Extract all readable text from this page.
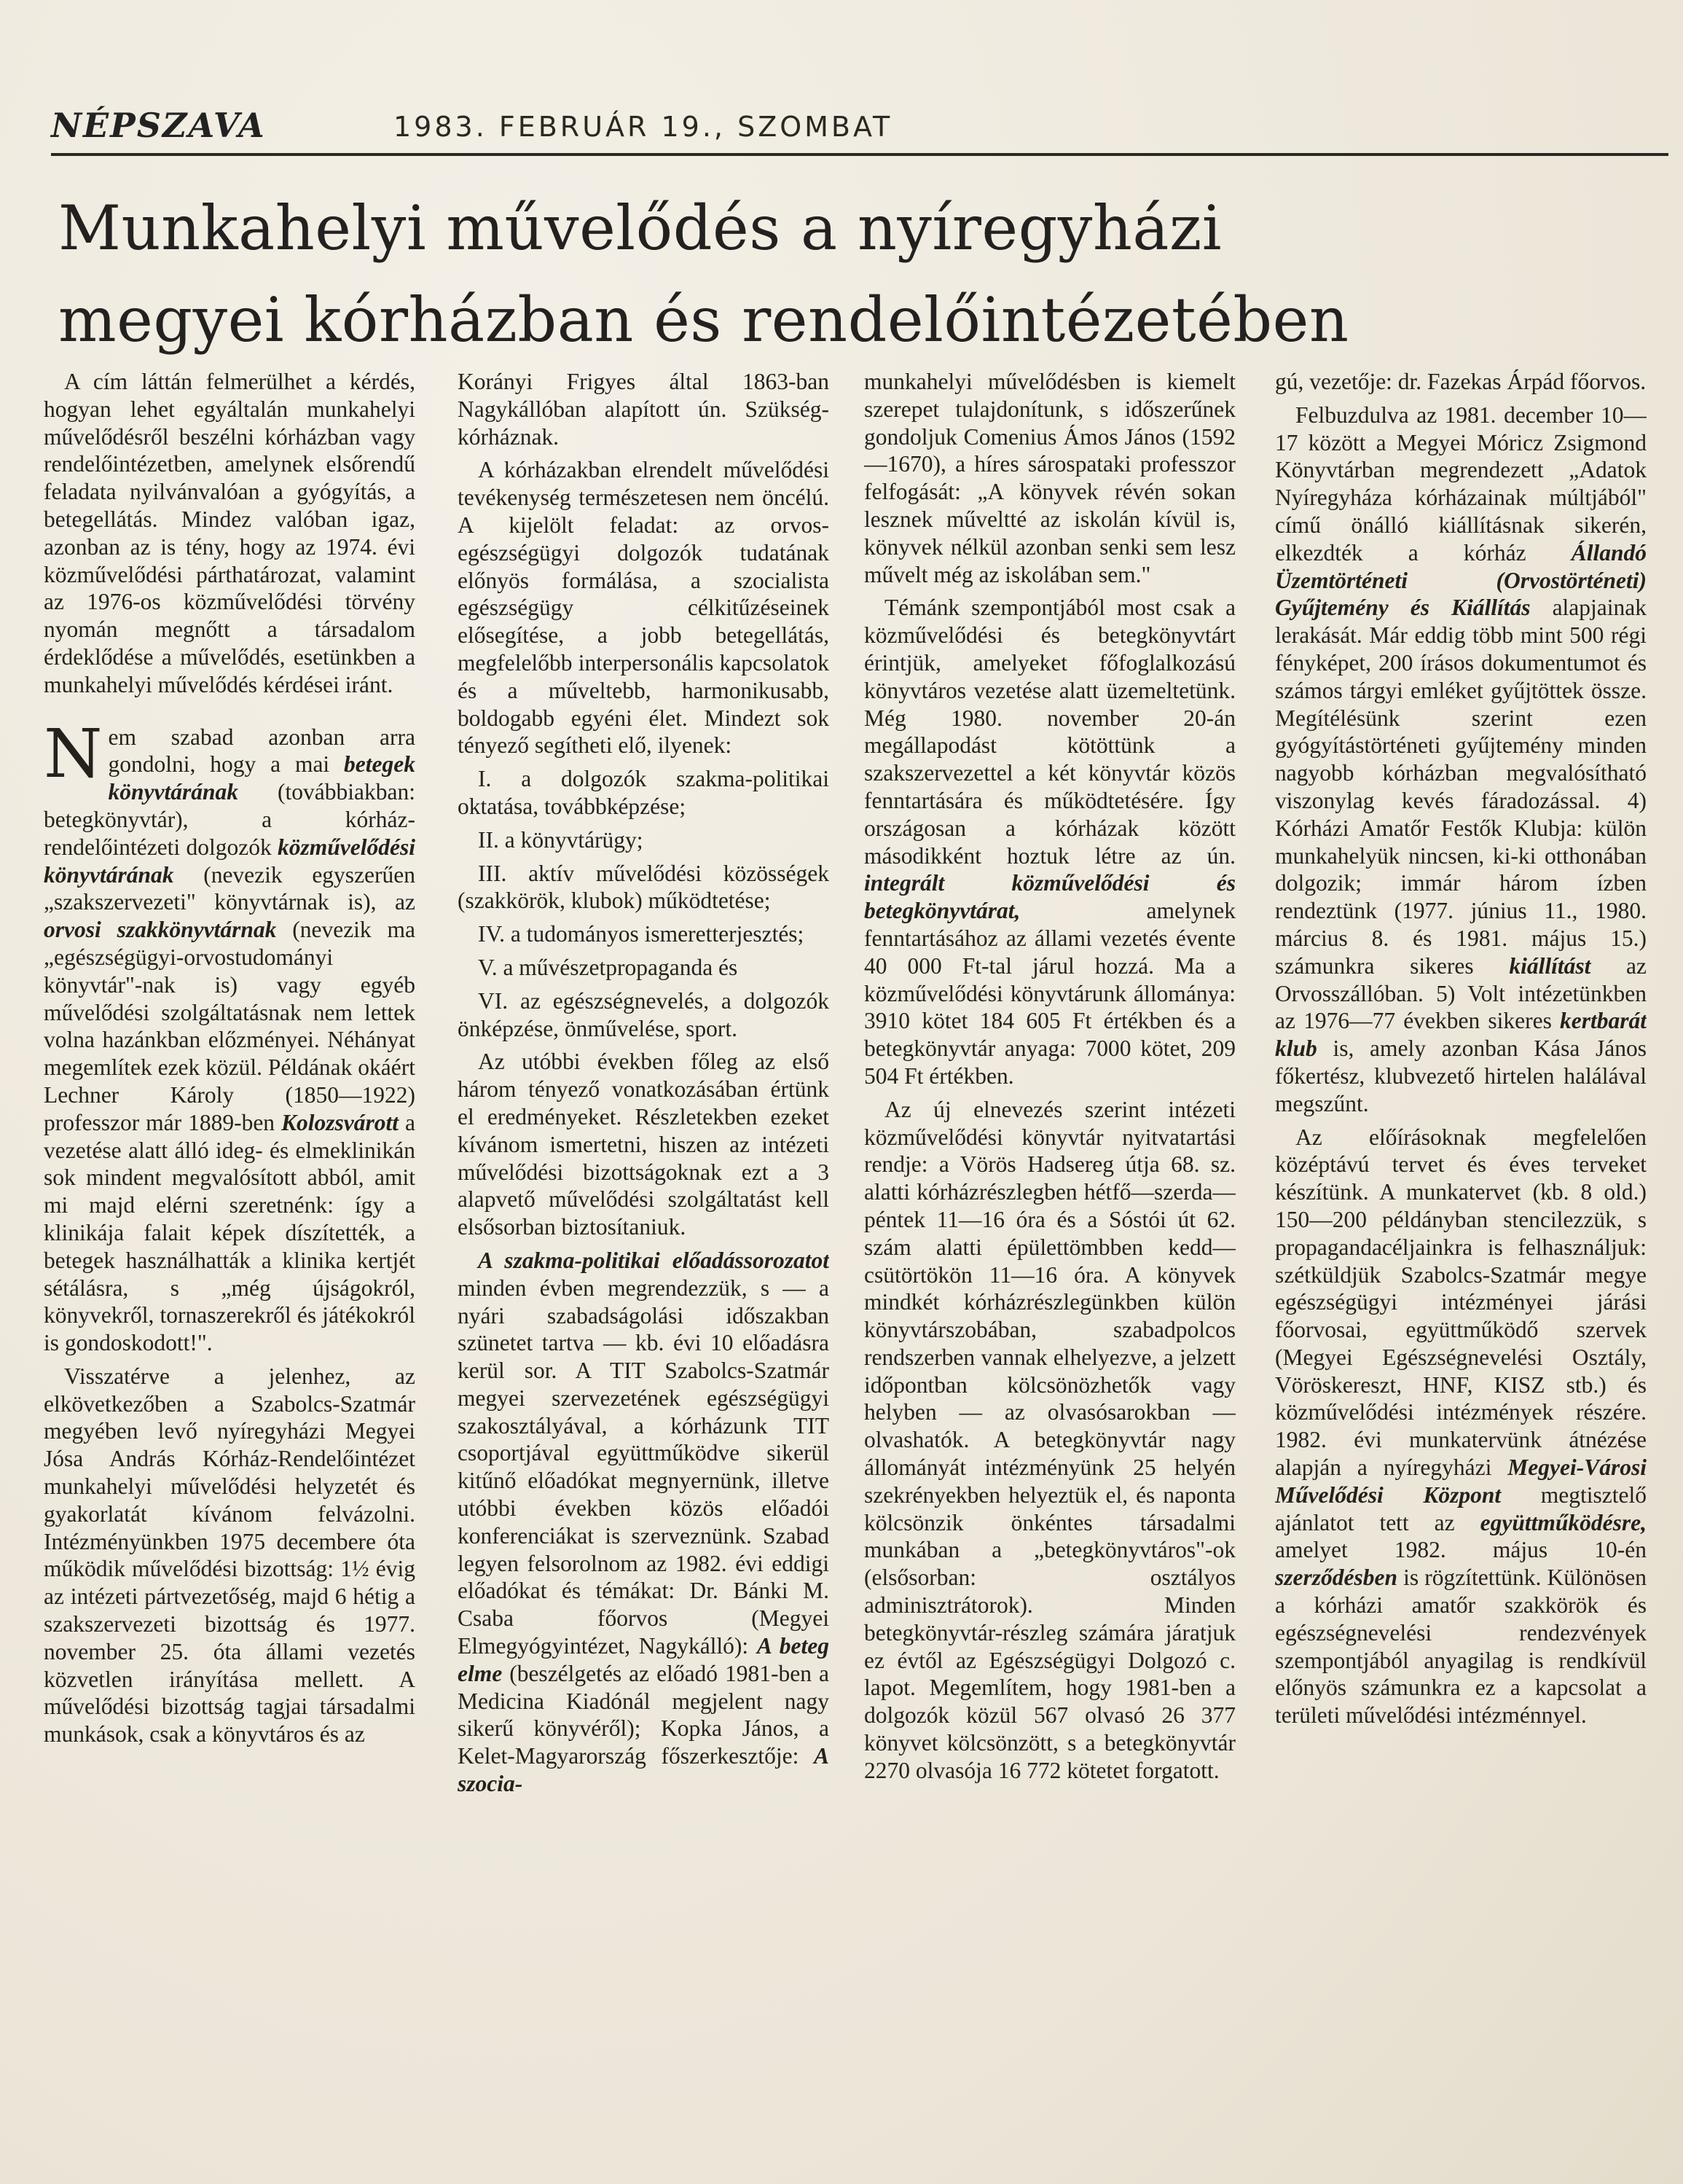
NÉPSZAVA	1983. FEBRUÁR 19., SZOMBAT
Munkahelyi művelődés a nyíregyházi
megyei kórházban és rendelőintézetében

A cím láttán felmerülhet a kérdés, hogyan lehet egyáltalán munkahelyi művelődésről beszélni kórházban vagy rendelőintézetben, amelynek elsőrendű feladata nyilvánvalóan a gyógyítás, a betegellátás. Mindez valóban igaz, azonban az is tény, hogy az 1974. évi közművelődési párthatározat, valamint az 1976-os közművelődési törvény nyomán megnőtt a társadalom érdeklődése a művelődés, esetünkben a munkahelyi művelődés kérdései iránt.

Nem szabad azonban arra gondolni, hogy a mai betegek könyvtárának (továbbiakban: betegkönyvtár), a kórház-rendelőintézeti dolgozók közművelődési könyvtárának (nevezik egyszerűen „szakszervezeti" könyvtárnak is), az orvosi szakkönyvtárnak (nevezik ma „egészségügyi-orvostudományi könyvtár"-nak is) vagy egyéb művelődési szolgáltatásnak nem lettek volna hazánkban előzményei. Néhányat megemlítek ezek közül. Példának okáért Lechner Károly (1850—1922) professzor már 1889-ben Kolozsvárott a vezetése alatt álló ideg- és elmeklinikán sok mindent megvalósított abból, amit mi majd elérni szeretnénk: így a klinikája falait képek díszítették, a betegek használhatták a klinika kertjét sétálásra, s „még újságokról, könyvekről, tornaszerekről és játékokról is gondoskodott!".

Visszatérve a jelenhez, az elkövetkezőben a Szabolcs-Szatmár megyében levő nyíregyházi Megyei Jósa András Kórház-Rendelőintézet munkahelyi művelődési helyzetét és gyakorlatát kívánom felvázolni. Intézményünkben 1975 decembere óta működik művelődési bizottság: 1½ évig az intézeti pártvezetőség, majd 6 hétig a szakszervezeti bizottság és 1977. november 25. óta állami vezetés közvetlen irányítása mellett. A művelődési bizottság tagjai társadalmi munkások, csak a könyvtáros és az

Korányi Frigyes által 1863-ban Nagykállóban alapított ún. Szükség-kórháznak.

A kórházakban elrendelt művelődési tevékenység természetesen nem öncélú. A kijelölt feladat: az orvos-egészségügyi dolgozók tudatának előnyös formálása, a szocialista egészségügy célkitűzéseinek elősegítése, a jobb betegellátás, megfelelőbb interpersonális kapcsolatok és a műveltebb, harmonikusabb, boldogabb egyéni élet. Mindezt sok tényező segítheti elő, ilyenek:

I. a dolgozók szakma-politikai oktatása, továbbképzése;

II. a könyvtárügy;

III. aktív művelődési közösségek (szakkörök, klubok) működtetése;

IV. a tudományos ismeretterjesztés;

V. a művészetpropaganda és

VI. az egészségnevelés, a dolgozók önképzése, önművelése, sport.

Az utóbbi években főleg az első három tényező vonatkozásában értünk el eredményeket. Részletekben ezeket kívánom ismertetni, hiszen az intézeti művelődési bizottságoknak ezt a 3 alapvető művelődési szolgáltatást kell elsősorban biztosítaniuk.

A szakma-politikai előadássorozatot minden évben megrendezzük, s — a nyári szabadságolási időszakban szünetet tartva — kb. évi 10 előadásra kerül sor. A TIT Szabolcs-Szatmár megyei szervezetének egészségügyi szakosztályával, a kórházunk TIT csoportjával együttműködve sikerül kitűnő előadókat megnyernünk, illetve utóbbi években közös előadói konferenciákat is szerveznünk. Szabad legyen felsorolnom az 1982. évi eddigi előadókat és témákat: Dr. Bánki M. Csaba főorvos (Megyei Elmegyógyintézet, Nagykálló): A beteg elme (beszélgetés az előadó 1981-ben a Medicina Kiadónál megjelent nagy sikerű könyvéről); Kopka János, a Kelet-Magyarország főszerkesztője: A szocia-

munkahelyi művelődésben is kiemelt szerepet tulajdonítunk, s időszerűnek gondoljuk Comenius Ámos János (1592—1670), a híres sárospataki professzor felfogását: „A könyvek révén sokan lesznek műveltté az iskolán kívül is, könyvek nélkül azonban senki sem lesz művelt még az iskolában sem."

Témánk szempontjából most csak a közművelődési és betegkönyvtárt érintjük, amelyeket főfoglalkozású könyvtáros vezetése alatt üzemeltetünk. Még 1980. november 20-án megállapodást kötöttünk a szakszervezettel a két könyvtár közös fenntartására és működtetésére. Így országosan a kórházak között másodikként hoztuk létre az ún. integrált közművelődési és betegkönyvtárat, amelynek fenntartásához az állami vezetés évente 40 000 Ft-tal járul hozzá. Ma a közművelődési könyvtárunk állománya: 3910 kötet 184 605 Ft értékben és a betegkönyvtár anyaga: 7000 kötet, 209 504 Ft értékben.

Az új elnevezés szerint intézeti közművelődési könyvtár nyitvatartási rendje: a Vörös Hadsereg útja 68. sz. alatti kórházrészlegben hétfő—szerda—péntek 11—16 óra és a Sóstói út 62. szám alatti épülettömbben kedd—csütörtökön 11—16 óra. A könyvek mindkét kórházrészlegünkben külön könyvtárszobában, szabadpolcos rendszerben vannak elhelyezve, a jelzett időpontban kölcsönözhetők vagy helyben — az olvasósarokban — olvashatók. A betegkönyvtár nagy állományát intézményünk 25 helyén szekrényekben helyeztük el, és naponta kölcsönzik önkéntes társadalmi munkában a „betegkönyvtáros"-ok (elsősorban: osztályos adminisztrátorok). Minden betegkönyvtár-részleg számára járatjuk ez évtől az Egészségügyi Dolgozó c. lapot. Megemlítem, hogy 1981-ben a dolgozók közül 567 olvasó 26 377 könyvet kölcsönzött, s a betegkönyvtár 2270 olvasója 16 772 kötetet forgatott.

gú, vezetője: dr. Fazekas Árpád főorvos.

Felbuzdulva az 1981. december 10—17 között a Megyei Móricz Zsigmond Könyvtárban megrendezett „Adatok Nyíregyháza kórházainak múltjából" című önálló kiállításnak sikerén, elkezdték a kórház Állandó Üzemtörténeti (Orvostörténeti) Gyűjtemény és Kiállítás alapjainak lerakását. Már eddig több mint 500 régi fényképet, 200 írásos dokumentumot és számos tárgyi emléket gyűjtöttek össze. Megítélésünk szerint ezen gyógyítástörténeti gyűjtemény minden nagyobb kórházban megvalósítható viszonylag kevés fáradozással. 4) Kórházi Amatőr Festők Klubja: külön munkahelyük nincsen, ki-ki otthonában dolgozik; immár három ízben rendeztünk (1977. június 11., 1980. március 8. és 1981. május 15.) számunkra sikeres kiállítást az Orvosszállóban. 5) Volt intézetünkben az 1976—77 években sikeres kertbarát klub is, amely azonban Kása János főkertész, klubvezető hirtelen halálával megszűnt.

Az előírásoknak megfelelően középtávú tervet és éves terveket készítünk. A munkatervet (kb. 8 old.) 150—200 példányban stencilezzük, s propagandacéljainkra is felhasználjuk: szétküldjük Szabolcs-Szatmár megye egészségügyi intézményei járási főorvosai, együttműködő szervek (Megyei Egészségnevelési Osztály, Vöröskereszt, HNF, KISZ stb.) és közművelődési intézmények részére. 1982. évi munkatervünk átnézése alapján a nyíregyházi Megyei-Városi Művelődési Központ megtisztelő ajánlatot tett az együttműködésre, amelyet 1982. május 10-én szerződésben is rögzítettünk. Különösen a kórházi amatőr szakkörök és egészségnevelési rendezvények szempontjából anyagilag is rendkívül előnyös számunkra ez a kapcsolat a területi művelődési intézménnyel.
